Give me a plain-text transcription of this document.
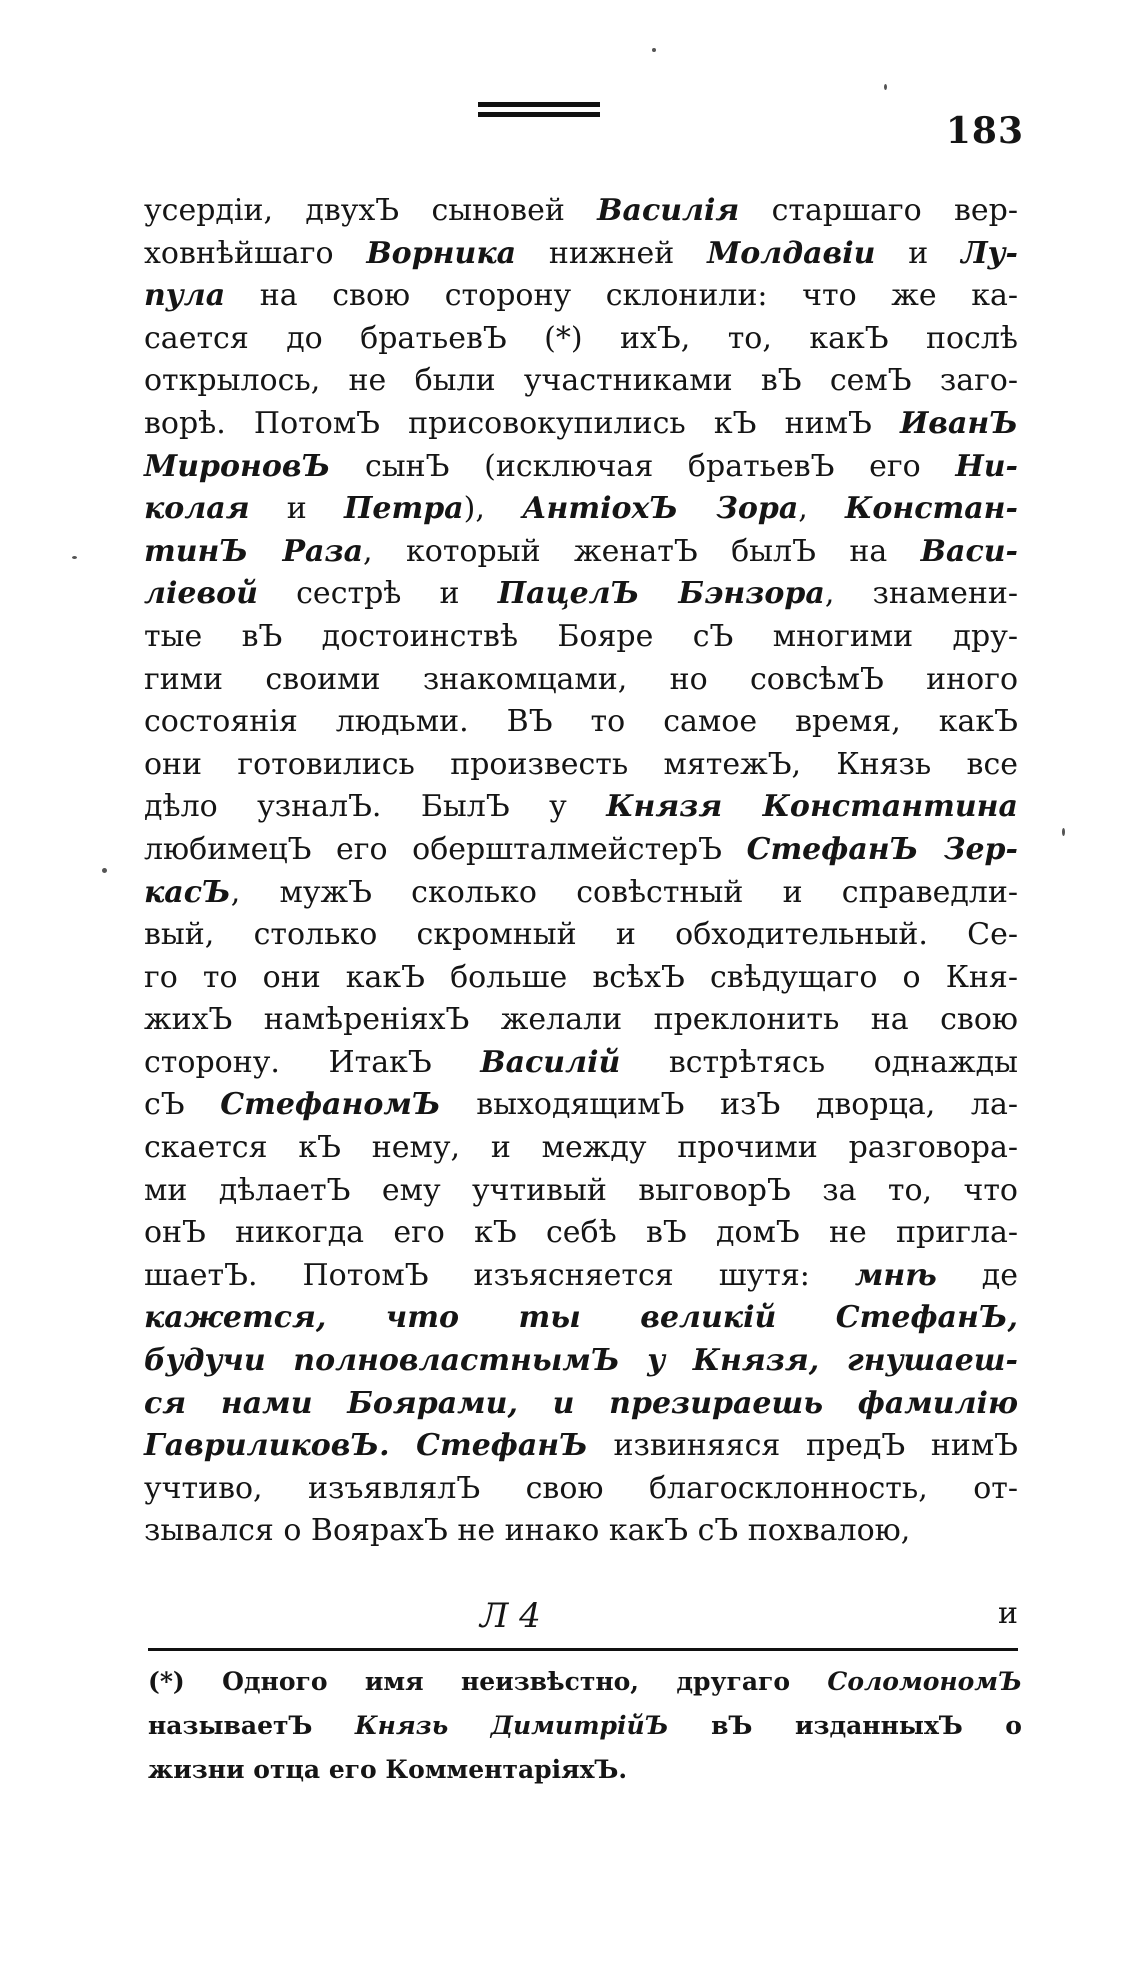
183
усердіи, двухЪ сыновей Василія старшаго вер-
ховнѣйшаго Ворника нижней Молдавіи и Лу-
пула на свою сторону склонили: что же ка-
сается до братьевЪ (*) ихЪ, то, какЪ послѣ
открылось, не были участниками вЪ семЪ заго-
ворѣ. ПотомЪ присовокупились кЪ нимЪ ИванЪ
МироновЪ сынЪ (исключая братьевЪ его Ни-
колая и Петра), АнтіохЪ Зора, Констан-
тинЪ Раза, который женатЪ былЪ на Васи-
ліевой сестрѣ и ПацелЪ Бэнзора, знамени-
тые вЪ достоинствѣ Бояре сЪ многими дру-
гими своими знакомцами, но совсѣмЪ иного
состоянія людьми. ВЪ то самое время, какЪ
они готовились произвесть мятежЪ, Князь все
дѣло узналЪ. БылЪ у Князя Константина
любимецЪ его обершталмейстерЪ СтефанЪ Зер-
касЪ, мужЪ сколько совѣстный и справедли-
вый, столько скромный и обходительный. Се-
го то они какЪ больше всѣхЪ свѣдущаго о Кня-
жихЪ намѣреніяхЪ желали преклонить на свою
сторону. ИтакЪ Василій встрѣтясь однажды
сЪ СтефаномЪ выходящимЪ изЪ дворца, ла-
скается кЪ нему, и между прочими разговора-
ми дѣлаетЪ ему учтивый выговорЪ за то, что
онЪ никогда его кЪ себѣ вЪ домЪ не пригла-
шаетЪ. ПотомЪ изъясняется шутя: мнѣ де
кажется, что ты великій СтефанЪ,
будучи полновластнымЪ у Князя, гнушаеш-
ся нами Боярами, и презираешь фамилію
ГавриликовЪ. СтефанЪ извиняяся предЪ нимЪ
учтиво, изъявлялЪ свою благосклонность, от-
зывался о ВоярахЪ не инако какЪ сЪ похвалою,
Л 4	и
(*) Одного имя неизвѣстно, другаго СоломономЪ
называетЪ Князь ДимитрійЪ вЪ изданныхЪ о
жизни отца его КомментаріяхЪ.
